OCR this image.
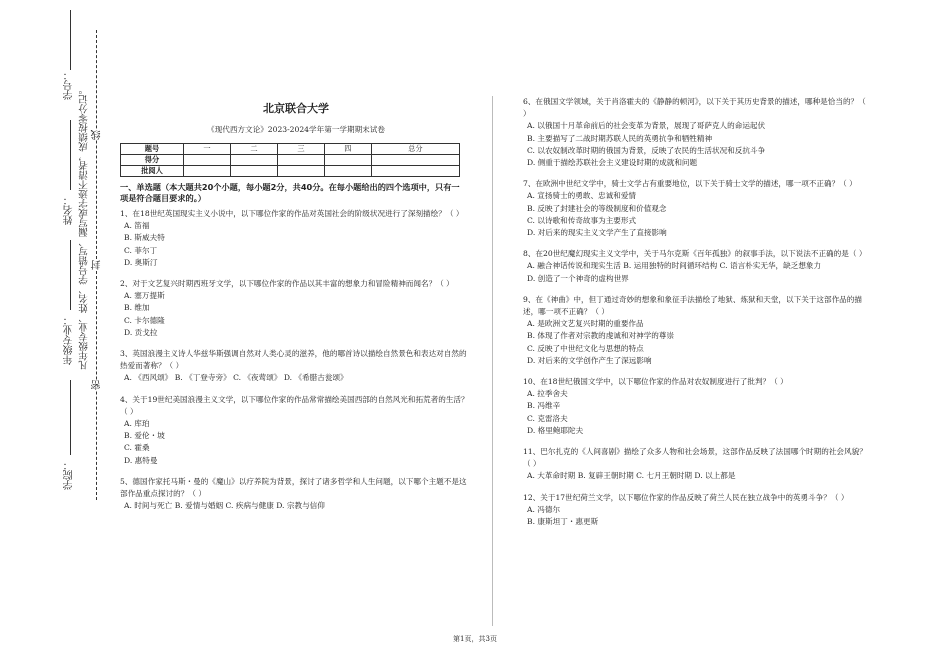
学号：
姓名：
年级专业：
学院：
凡年级专业、姓名、学号错写、漏写或字迹不清者，成绩按零分记。 线
封
密
北京联合大学
《现代西方文论》2023-2024学年第一学期期末试卷
题号	一	二	三	四	总分
得分					
批阅人					
一、单选题（本大题共20个小题，每小题2分，共40分。在每小题给出的四个选项中，只有一项是符合题目要求的。）

1、在18世纪英国现实主义小说中，以下哪位作家的作品对英国社会的阶级状况进行了深刻描绘？（ ）

A. 笛福

B. 斯威夫特

C. 菲尔丁

D. 奥斯汀

2、对于文艺复兴时期西班牙文学，以下哪位作家的作品以其丰富的想象力和冒险精神而闻名？（ ）

A. 塞万提斯

B. 维加

C. 卡尔德隆

D. 贡戈拉

3、英国浪漫主义诗人华兹华斯强调自然对人类心灵的滋养，他的哪首诗以描绘自然景色和表达对自然的热爱而著称？（ ）

A. 《西风颂》 B. 《丁登寺旁》 C. 《夜莺颂》 D. 《希腊古瓮颂》

4、关于19世纪美国浪漫主义文学，以下哪位作家的作品常常描绘美国西部的自然风光和拓荒者的生活？（ ）

A. 库珀

B. 爱伦・坡

C. 霍桑

D. 惠特曼

5、德国作家托马斯・曼的《魔山》以疗养院为背景，探讨了诸多哲学和人生问题，以下哪个主题不是这部作品重点探讨的？（ ）

A. 时间与死亡 B. 爱情与婚姻 C. 疾病与健康 D. 宗教与信仰

6、在俄国文学领域，关于肖洛霍夫的《静静的顿河》，以下关于其历史背景的描述，哪种是恰当的？（ ）

A. 以俄国十月革命前后的社会变革为背景，展现了哥萨克人的命运起伏

B. 主要描写了二战时期苏联人民的英勇抗争和牺牲精神

C. 以农奴制改革时期的俄国为背景，反映了农民的生活状况和反抗斗争

D. 侧重于描绘苏联社会主义建设时期的成就和问题

7、在欧洲中世纪文学中，骑士文学占有重要地位，以下关于骑士文学的描述，哪一项不正确？（ ）

A. 宣扬骑士的勇敢、忠诚和爱情

B. 反映了封建社会的等级制度和价值观念

C. 以诗歌和传奇故事为主要形式

D. 对后来的现实主义文学产生了直接影响

8、在20世纪魔幻现实主义文学中，关于马尔克斯《百年孤独》的叙事手法，以下说法不正确的是（ ）

A. 融合神话传说和现实生活 B. 运用独特的时间循环结构 C. 语言朴实无华，缺乏想象力

D. 创造了一个神奇的虚构世界

9、在《神曲》中，但丁通过奇妙的想象和象征手法描绘了地狱、炼狱和天堂，以下关于这部作品的描述，哪一项不正确？（ ）

A. 是欧洲文艺复兴时期的重要作品

B. 体现了作者对宗教的虔诚和对神学的尊崇

C. 反映了中世纪文化与思想的特点

D. 对后来的文学创作产生了深远影响

10、在18世纪俄国文学中，以下哪位作家的作品对农奴制度进行了批判？（ ）

A. 拉季舍夫

B. 冯维辛

C. 克雷洛夫

D. 格里鲍耶陀夫

11、巴尔扎克的《人间喜剧》描绘了众多人物和社会场景，这部作品反映了法国哪个时期的社会风貌？（ ）

A. 大革命时期 B. 复辟王朝时期 C. 七月王朝时期 D. 以上都是

12、关于17世纪荷兰文学，以下哪位作家的作品反映了荷兰人民在独立战争中的英勇斗争？（ ）

A. 冯德尔

B. 康斯坦丁・惠更斯

第1页，共3页
